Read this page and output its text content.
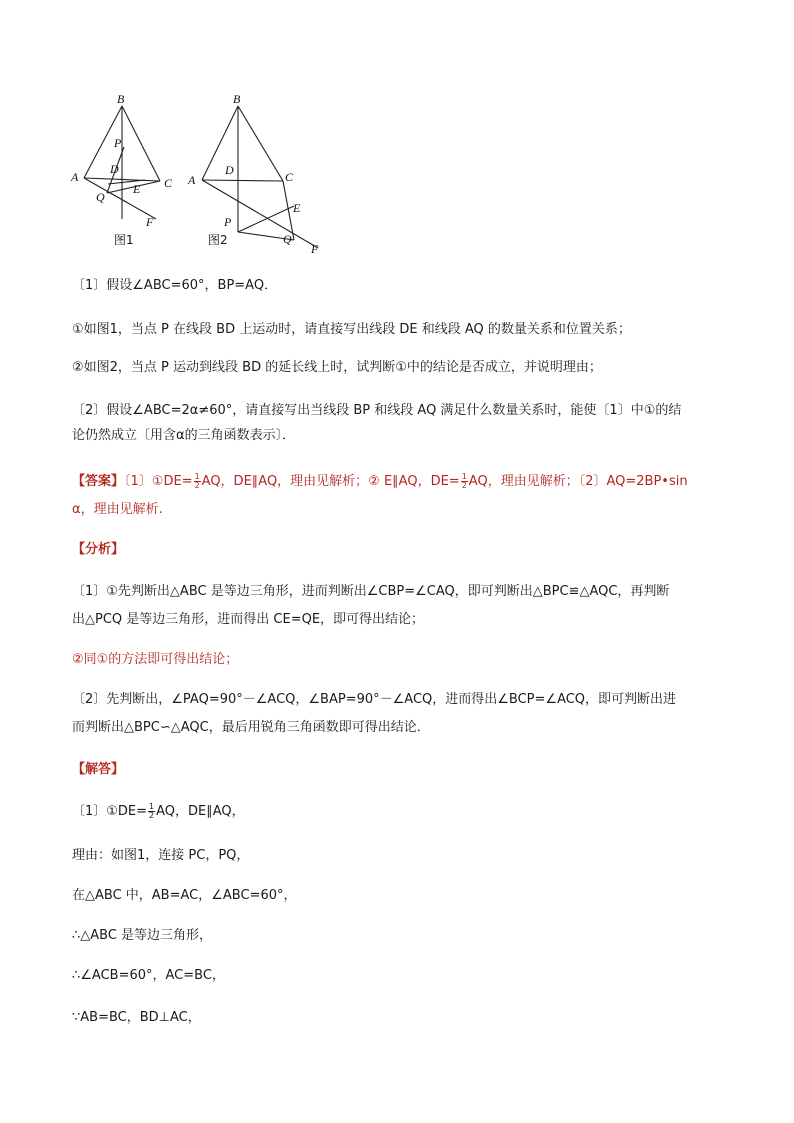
B
P
D
A
E C
Q
F
图1
B
D	C
A
E
P
Q
F
图2
〔1〕假设∠ABC=60°，BP=AQ．
①如图1，当点 P 在线段 BD 上运动时，请直接写出线段 DE 和线段 AQ 的数量关系和位置关系；
②如图2，当点 P 运动到线段 BD 的延长线上时，试判断①中的结论是否成立，并说明理由；
〔2〕假设∠ABC=2α≠60°，请直接写出当线段 BP 和线段 AQ 满足什么数量关系时，能使〔1〕中①的结
论仍然成立〔用含α的三角函数表示〕．
【答案】〔1〕①DE= $\frac{1}{2}$ AQ，DE∥AQ，理由见解析；② E∥AQ，$DE= \frac{1}{2}$ AQ，理由见解析；〔2〕AQ=2BP•sin
α，理由见解析.
【分析】
〔1〕①先判断出△ABC 是等边三角形，进而判断出∠CBP=∠CAQ，即可判断出△BPC≌△AQC，再判断
出△PCQ 是等边三角形，进而得出 CE=QE，即可得出结论；
②同①的方法即可得出结论；
〔2〕先判断出，∠PAQ=90°－∠ACQ，∠BAP=90°－∠ACQ，进而得出∠BCP=∠ACQ，即可判断出进
而判断出△BPC∽△AQC，最后用锐角三角函数即可得出结论．
【解答】
〔1〕①DE= $\frac{1}{2}$ AQ，DE∥AQ，
理由：如图1，连接 PC，PQ，
在△ABC 中，AB=AC，∠ABC=60°，
∴△ABC 是等边三角形，
∴∠ACB=60°，AC=BC，
∵AB=BC，BD⊥AC，
